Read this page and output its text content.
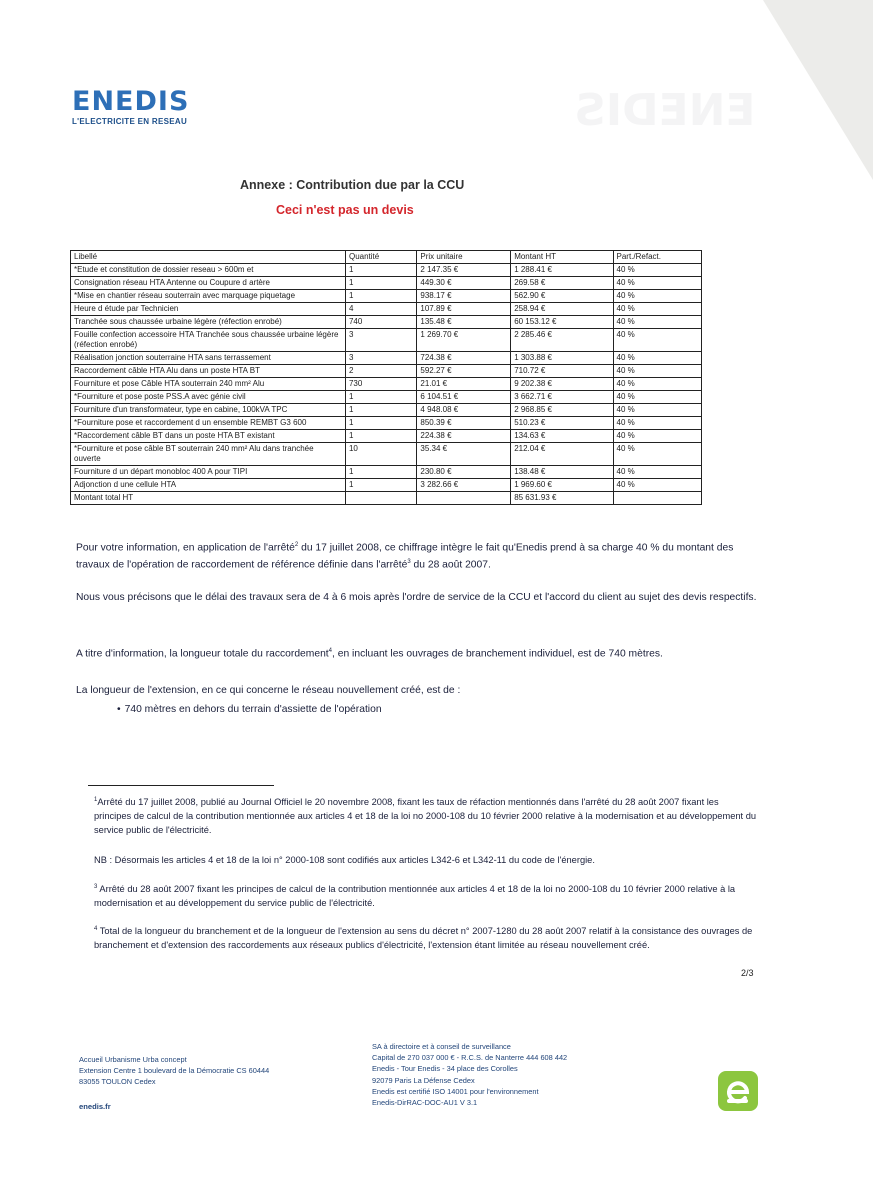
ENEDIS
ENEDIS
L'ELECTRICITE EN RESEAU
Annexe : Contribution due par la CCU
Ceci n'est pas un devis
Libellé	Quantité	Prix unitaire	Montant HT	Part./Refact.
*Etude et constitution de dossier reseau > 600m et	1	2 147.35 €	1 288.41 €	40 %
Consignation réseau HTA Antenne ou Coupure d artère	1	449.30 €	269.58 €	40 %
*Mise en chantier réseau souterrain avec marquage piquetage	1	938.17 €	562.90 €	40 %
Heure d étude par Technicien	4	107.89 €	258.94 €	40 %
Tranchée sous chaussée urbaine légère (réfection enrobé)	740	135.48 €	60 153.12 €	40 %
Fouille confection accessoire HTA Tranchée sous chaussée urbaine légère (réfection enrobé)	3	1 269.70 €	2 285.46 €	40 %
Réalisation jonction souterraine HTA sans terrassement	3	724.38 €	1 303.88 €	40 %
Raccordement câble HTA Alu dans un poste HTA BT	2	592.27 €	710.72 €	40 %
Fourniture et pose Câble HTA souterrain 240 mm² Alu	730	21.01 €	9 202.38 €	40 %
*Fourniture et pose poste PSS.A avec génie civil	1	6 104.51 €	3 662.71 €	40 %
Fourniture d'un transformateur, type en cabine, 100kVA TPC	1	4 948.08 €	2 968.85 €	40 %
*Fourniture pose et raccordement d un ensemble REMBT G3 600	1	850.39 €	510.23 €	40 %
*Raccordement câble BT dans un poste HTA BT existant	1	224.38 €	134.63 €	40 %
*Fourniture et pose câble BT souterrain 240 mm² Alu dans tranchée ouverte	10	35.34 €	212.04 €	40 %
Fourniture d un départ monobloc 400 A pour TIPI	1	230.80 €	138.48 €	40 %
Adjonction d une cellule HTA	1	3 282.66 €	1 969.60 €	40 %
Montant total HT			85 631.93 €	
Pour votre information, en application de l'arrêté$^2$ du 17 juillet 2008, ce chiffrage intègre le fait qu'Enedis prend à sa charge 40 % du montant des travaux de l'opération de raccordement de référence définie dans l'arrêté$^3$ du 28 août 2007.
Nous vous précisons que le délai des travaux sera de 4 à 6 mois après l'ordre de service de la CCU et l'accord du client au sujet des devis respectifs.
A titre d'information, la longueur totale du raccordement$^4$, en incluant les ouvrages de branchement individuel, est de 740 mètres.
La longueur de l'extension, en ce qui concerne le réseau nouvellement créé, est de :
• 740 mètres en dehors du terrain d'assiette de l'opération
$^1$Arrêté du 17 juillet 2008, publié au Journal Officiel le 20 novembre 2008, fixant les taux de réfaction mentionnés dans l'arrêté du 28 août 2007 fixant les principes de calcul de la contribution mentionnée aux articles 4 et 18 de la loi no 2000-108 du 10 février 2000 relative à la modernisation et au développement du service public de l'électricité.
NB : Désormais les articles 4 et 18 de la loi n° 2000-108 sont codifiés aux articles L342-6 et L342-11 du code de l'énergie.
$^3$ Arrêté du 28 août 2007 fixant les principes de calcul de la contribution mentionnée aux articles 4 et 18 de la loi no 2000-108 du 10 février 2000 relative à la modernisation et au développement du service public de l'électricité.
$^4$ Total de la longueur du branchement et de la longueur de l'extension au sens du décret n° 2007-1280 du 28 août 2007 relatif à la consistance des ouvrages de branchement et d'extension des raccordements aux réseaux publics d'électricité, l'extension étant limitée au réseau nouvellement créé.
2/3
Accueil Urbanisme Urba concept
Extension Centre 1 boulevard de la Démocratie CS 60444
83055 TOULON Cedex
enedis.fr
SA à directoire et à conseil de surveillance
Capital de 270 037 000 € - R.C.S. de Nanterre 444 608 442
Enedis - Tour Enedis - 34 place des Corolles
92079 Paris La Défense Cedex
Enedis est certifié ISO 14001 pour l'environnement
Enedis-DirRAC-DOC-AU1 V 3.1
